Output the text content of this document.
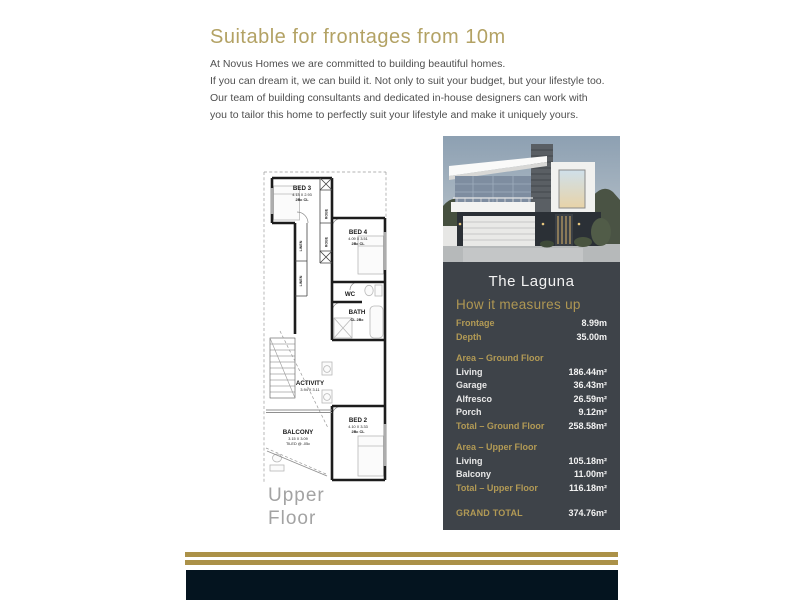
Suitable for frontages from 10m
At Novus Homes we are committed to building beautiful homes.
If you can dream it, we can build it. Not only to suit your budget, but your lifestyle too.
Our team of building consultants and dedicated in-house designers can work with
you to tailor this home to perfectly suit your lifestyle and make it uniquely yours.
BED 3
4.13 X 2.93
2Bc CL
BED 4
4.09 X 3.51
2Bc CL
WC
BATH
CL 2Bc
ACTIVITY
3.94 X 3.11
BED 2
4.10 X 3.33
2Bc CL
BALCONY
3.15 X 3.09
TILED @ -05c
ROBE
ROBE
LINEN
LINEN
Upper
Floor
The Laguna
How it measures up
Frontage	8.99m
Depth	35.00m
Area – Ground Floor
Living	186.44m²
Garage	36.43m²
Alfresco	26.59m²
Porch	9.12m²
Total – Ground Floor	258.58m²
Area – Upper Floor
Living	105.18m²
Balcony	11.00m²
Total – Upper Floor	116.18m²
GRAND TOTAL	374.76m²
